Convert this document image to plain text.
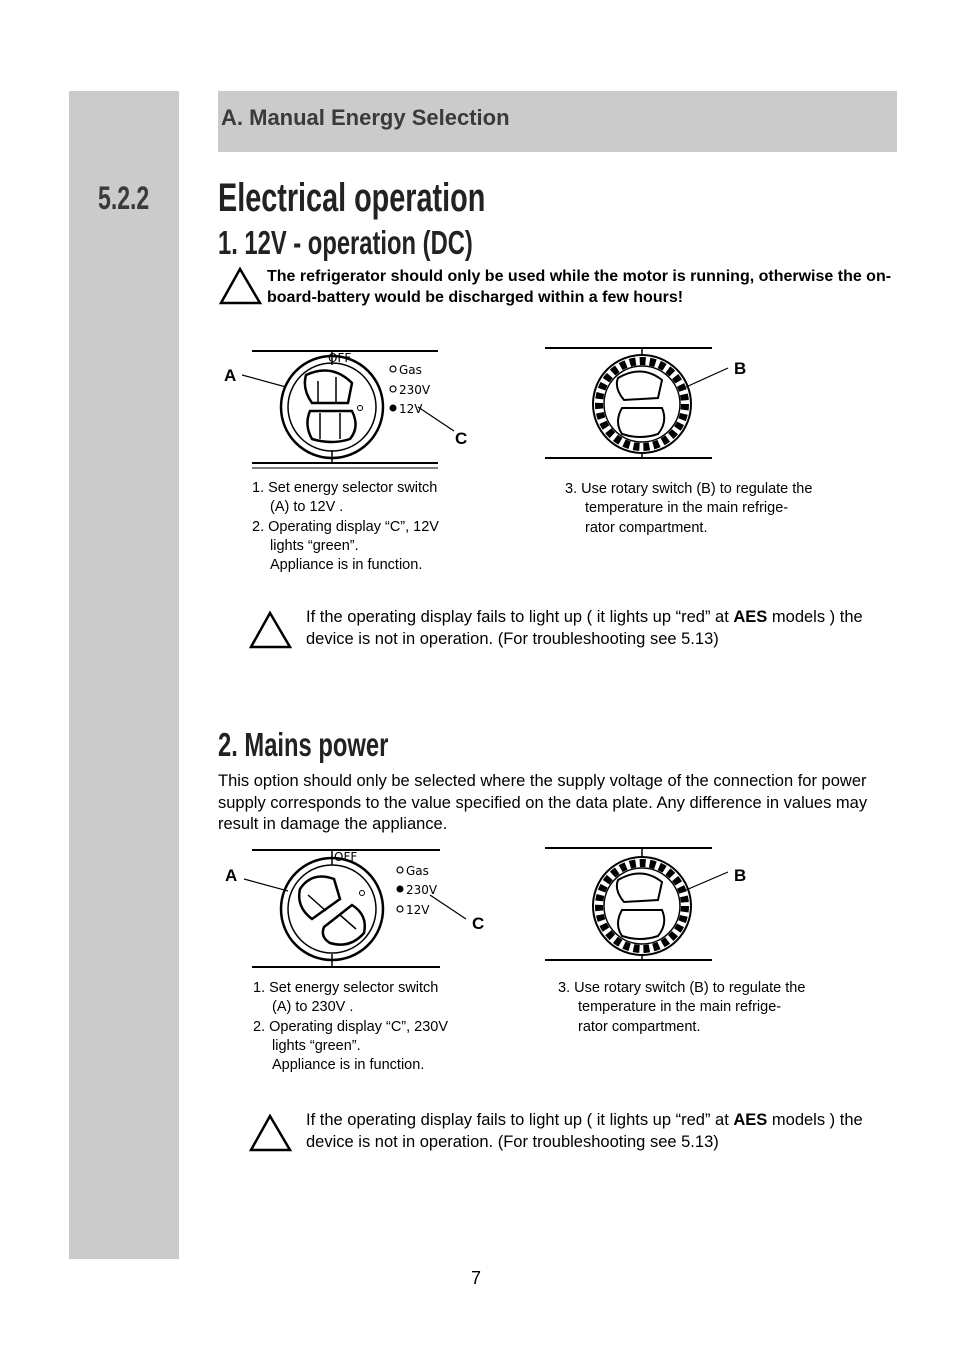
A. Manual Energy Selection
5.2.2 Electrical operation
1. 12V - operation (DC)
The refrigerator should only be used while the motor is running, otherwise the on-board-battery would be discharged within a few hours!
OFF
Gas
230V
12V
A
C
B
1. Set energy selector switch
(A) to 12V .
2. Operating display “C”, 12V
lights “green”.
Appliance is in function.
3. Use rotary switch (B) to regulate the
temperature in the main refrige-
rator compartment.
If the operating display fails to light up ( it lights up “red” at AES models ) the device is not in operation. (For troubleshooting see 5.13)
2. Mains power
This option should only be selected where the supply voltage of the connection for power supply corresponds to the value specified on the data plate. Any difference in values may result in damage the appliance.
OFF
Gas
230V
12V
A
C
B
1. Set energy selector switch
(A) to 230V .
2. Operating display “C”, 230V
lights “green”.
Appliance is in function.
3. Use rotary switch (B) to regulate the
temperature in the main refrige-
rator compartment.
If the operating display fails to light up ( it lights up “red” at AES models ) the device is not in operation. (For troubleshooting see 5.13)
7
